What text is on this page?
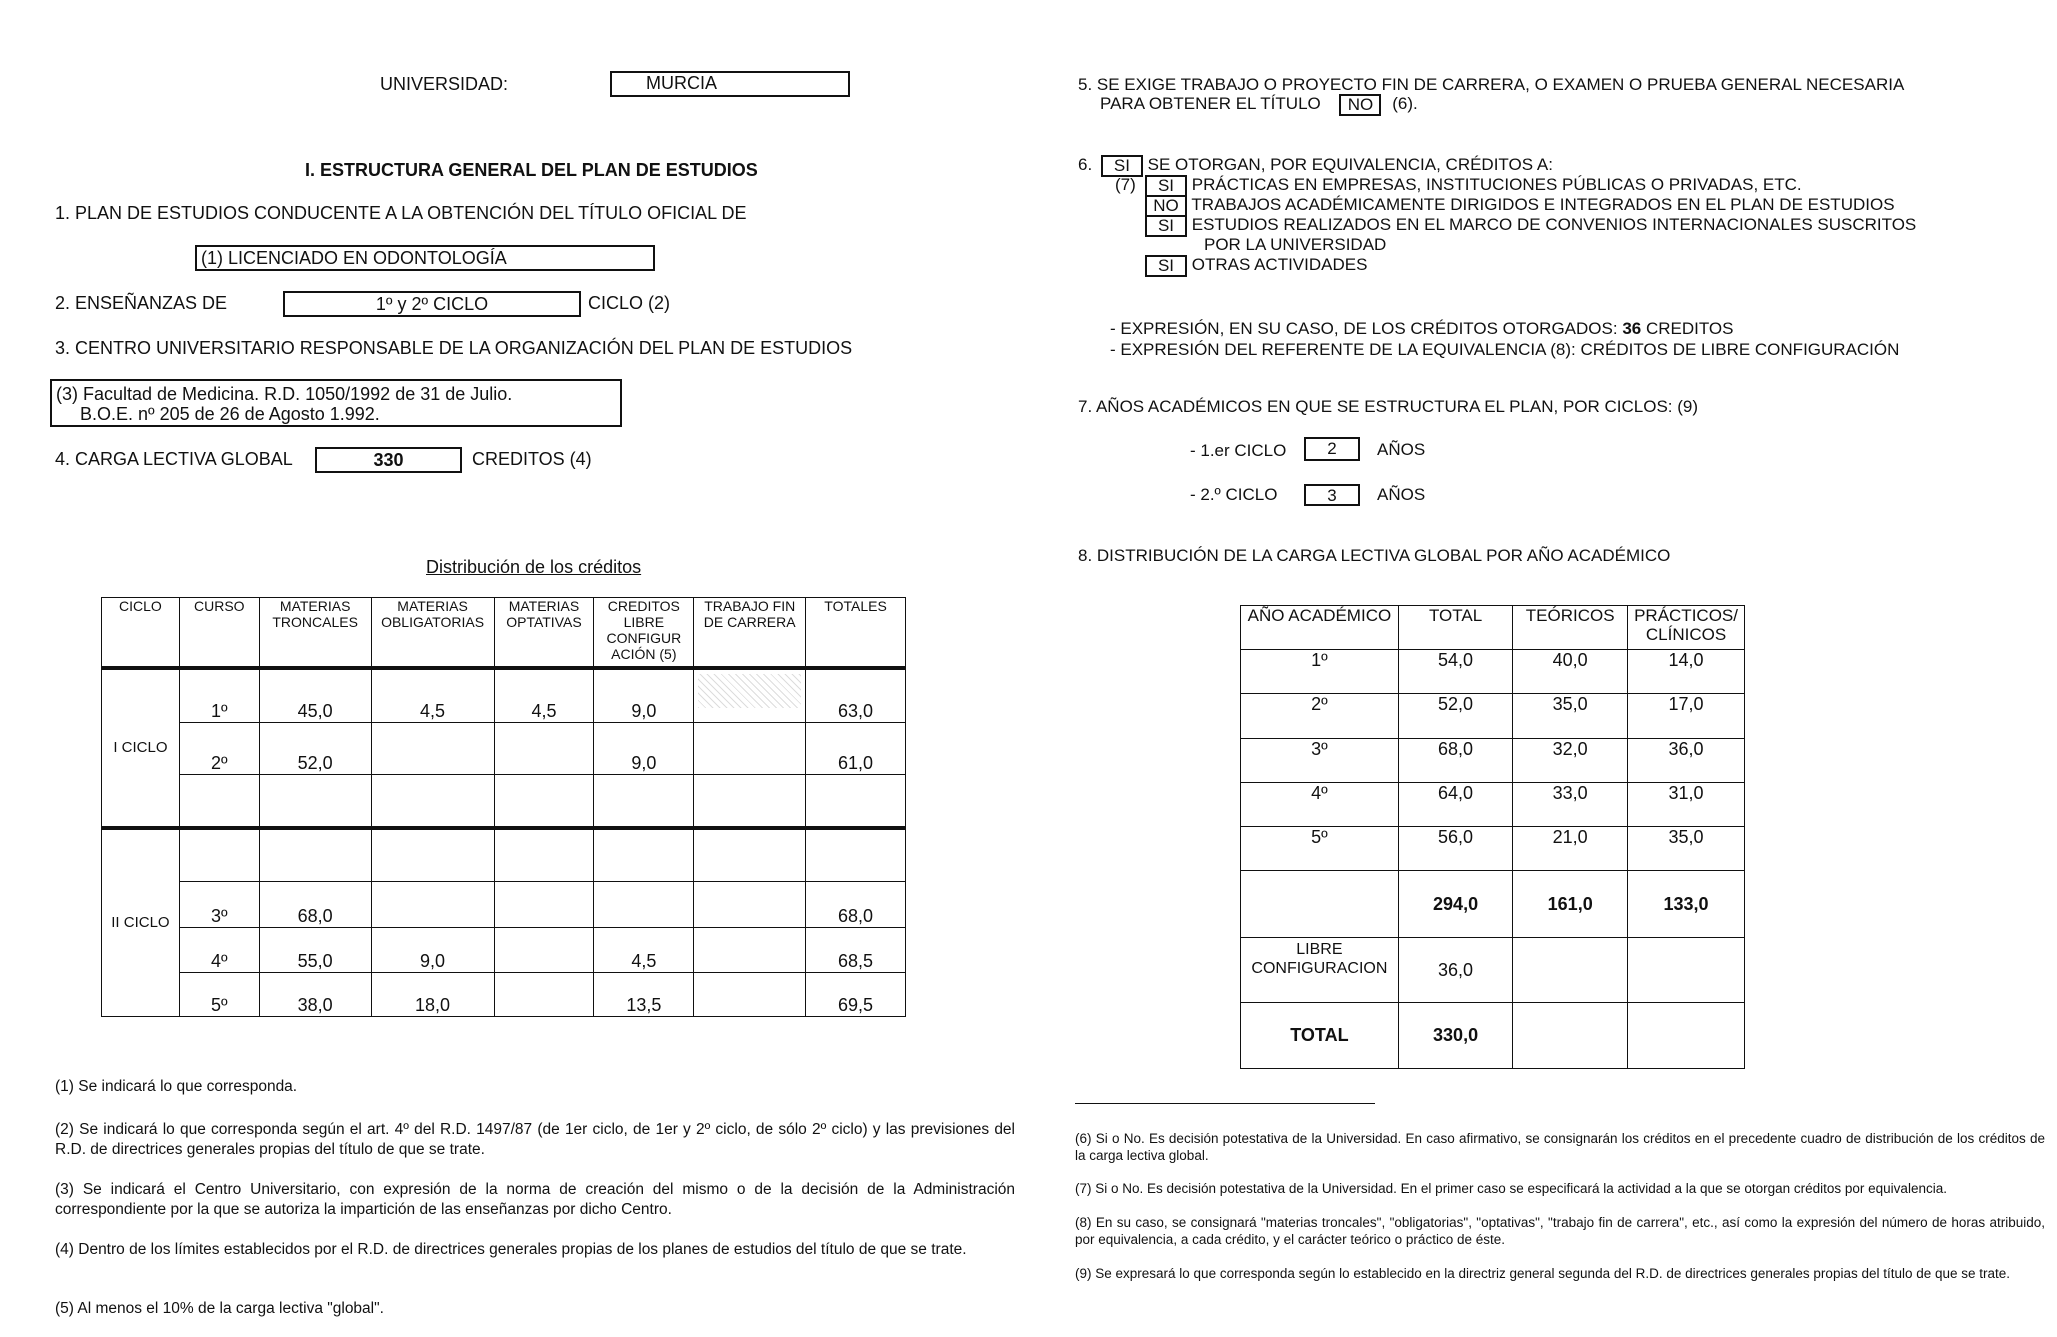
UNIVERSIDAD:	MURCIA
I. ESTRUCTURA GENERAL DEL PLAN DE ESTUDIOS
1. PLAN DE ESTUDIOS CONDUCENTE A LA OBTENCIÓN DEL TÍTULO OFICIAL DE
(1) LICENCIADO EN ODONTOLOGÍA
2. ENSEÑANZAS DE	1º y 2º CICLO	CICLO (2)
3. CENTRO UNIVERSITARIO RESPONSABLE DE LA ORGANIZACIÓN DEL PLAN DE ESTUDIOS
(3) Facultad de Medicina. R.D. 1050/1992 de 31 de Julio.
B.O.E. nº 205 de 26 de Agosto 1.992.
4. CARGA LECTIVA GLOBAL	330	CREDITOS (4)
Distribución de los créditos
CICLO	CURSO	MATERIAS TRONCALES	MATERIAS OBLIGATORIAS	MATERIAS OPTATIVAS	CREDITOS LIBRE CONFIGUR ACIÓN (5)	TRABAJO FIN DE CARRERA	TOTALES
I CICLO	1º	45,0	4,5	4,5	9,0		63,0
	2º	52,0			9,0		61,0

II CICLO							
	3º	68,0					68,0
	4º	55,0	9,0		4,5		68,5
	5º	38,0	18,0		13,5		69,5
(1) Se indicará lo que corresponda.
(2) Se indicará lo que corresponda según el art. 4º del R.D. 1497/87 (de 1er ciclo, de 1er y 2º ciclo, de sólo 2º ciclo) y las previsiones del R.D. de directrices generales propias del título de que se trate.
(3) Se indicará el Centro Universitario, con expresión de la norma de creación del mismo o de la decisión de la Administración correspondiente por la que se autoriza la impartición de las enseñanzas por dicho Centro.
(4) Dentro de los límites establecidos por el R.D. de directrices generales propias de los planes de estudios del título de que se trate.
(5) Al menos el 10% de la carga lectiva "global".
5. SE EXIGE TRABAJO O PROYECTO FIN DE CARRERA, O EXAMEN O PRUEBA GENERAL NECESARIA
PARA OBTENER EL TÍTULO NO (6).
6. SI SE OTORGAN, POR EQUIVALENCIA, CRÉDITOS A:
(7)	SI PRÁCTICAS EN EMPRESAS, INSTITUCIONES PÚBLICAS O PRIVADAS, ETC.
NO TRABAJOS ACADÉMICAMENTE DIRIGIDOS E INTEGRADOS EN EL PLAN DE ESTUDIOS
SI ESTUDIOS REALIZADOS EN EL MARCO DE CONVENIOS INTERNACIONALES SUSCRITOS
POR LA UNIVERSIDAD
SI OTRAS ACTIVIDADES
- EXPRESIÓN, EN SU CASO, DE LOS CRÉDITOS OTORGADOS: 36 CREDITOS
- EXPRESIÓN DEL REFERENTE DE LA EQUIVALENCIA (8): CRÉDITOS DE LIBRE CONFIGURACIÓN
7. AÑOS ACADÉMICOS EN QUE SE ESTRUCTURA EL PLAN, POR CICLOS: (9)
- 1.er CICLO	2	AÑOS
- 2.º CICLO	3	AÑOS
8. DISTRIBUCIÓN DE LA CARGA LECTIVA GLOBAL POR AÑO ACADÉMICO
AÑO ACADÉMICO	TOTAL	TEÓRICOS	PRÁCTICOS/ CLÍNICOS
1º	54,0	40,0	14,0
2º	52,0	35,0	17,0
3º	68,0	32,0	36,0
4º	64,0	33,0	31,0
5º	56,0	21,0	35,0
	294,0	161,0	133,0
LIBRE CONFIGURACION	36,0		
TOTAL	330,0		
(6) Si o No. Es decisión potestativa de la Universidad. En caso afirmativo, se consignarán los créditos en el precedente cuadro de distribución de los créditos de la carga lectiva global.
(7) Si o No. Es decisión potestativa de la Universidad. En el primer caso se especificará la actividad a la que se otorgan créditos por equivalencia.
(8) En su caso, se consignará "materias troncales", "obligatorias", "optativas", "trabajo fin de carrera", etc., así como la expresión del número de horas atribuido, por equivalencia, a cada crédito, y el carácter teórico o práctico de éste.
(9) Se expresará lo que corresponda según lo establecido en la directriz general segunda del R.D. de directrices generales propias del título de que se trate.
